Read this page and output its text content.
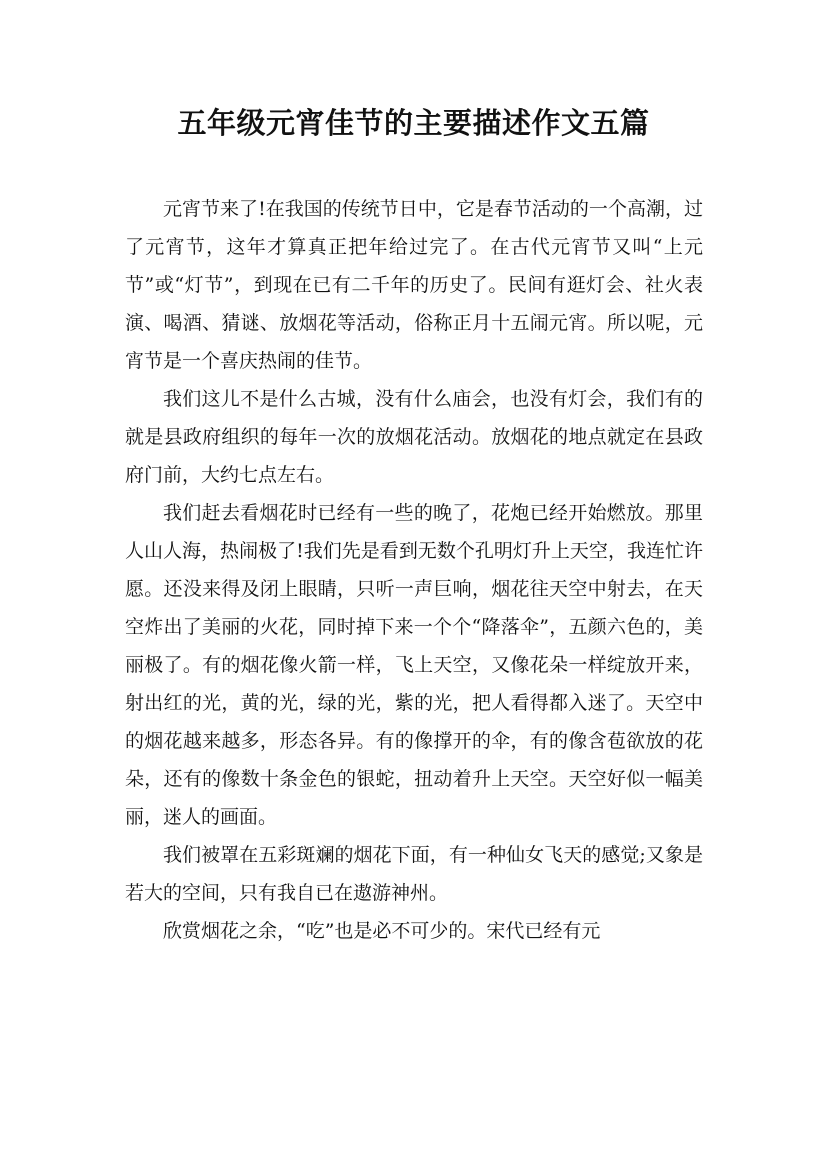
五年级元宵佳节的主要描述作文五篇

元宵节来了!在我国的传统节日中，它是春节活动的一个高潮，过了元宵节，这年才算真正把年给过完了。在古代元宵节又叫“上元节”或“灯节”，到现在已有二千年的历史了。民间有逛灯会、社火表演、喝酒、猜谜、放烟花等活动，俗称正月十五闹元宵。所以呢，元宵节是一个喜庆热闹的佳节。

我们这儿不是什么古城，没有什么庙会，也没有灯会，我们有的就是县政府组织的每年一次的放烟花活动。放烟花的地点就定在县政府门前，大约七点左右。

我们赶去看烟花时已经有一些的晚了，花炮已经开始燃放。那里人山人海，热闹极了!我们先是看到无数个孔明灯升上天空，我连忙许愿。还没来得及闭上眼睛，只听一声巨响，烟花往天空中射去，在天空炸出了美丽的火花，同时掉下来一个个“降落伞”，五颜六色的，美丽极了。有的烟花像火箭一样，飞上天空，又像花朵一样绽放开来，射出红的光，黄的光，绿的光，紫的光，把人看得都入迷了。天空中的烟花越来越多，形态各异。有的像撑开的伞，有的像含苞欲放的花朵，还有的像数十条金色的银蛇，扭动着升上天空。天空好似一幅美丽，迷人的画面。

我们被罩在五彩斑斓的烟花下面，有一种仙女飞天的感觉;又象是若大的空间，只有我自已在遨游神州。

欣赏烟花之余，“吃”也是必不可少的。宋代已经有元
